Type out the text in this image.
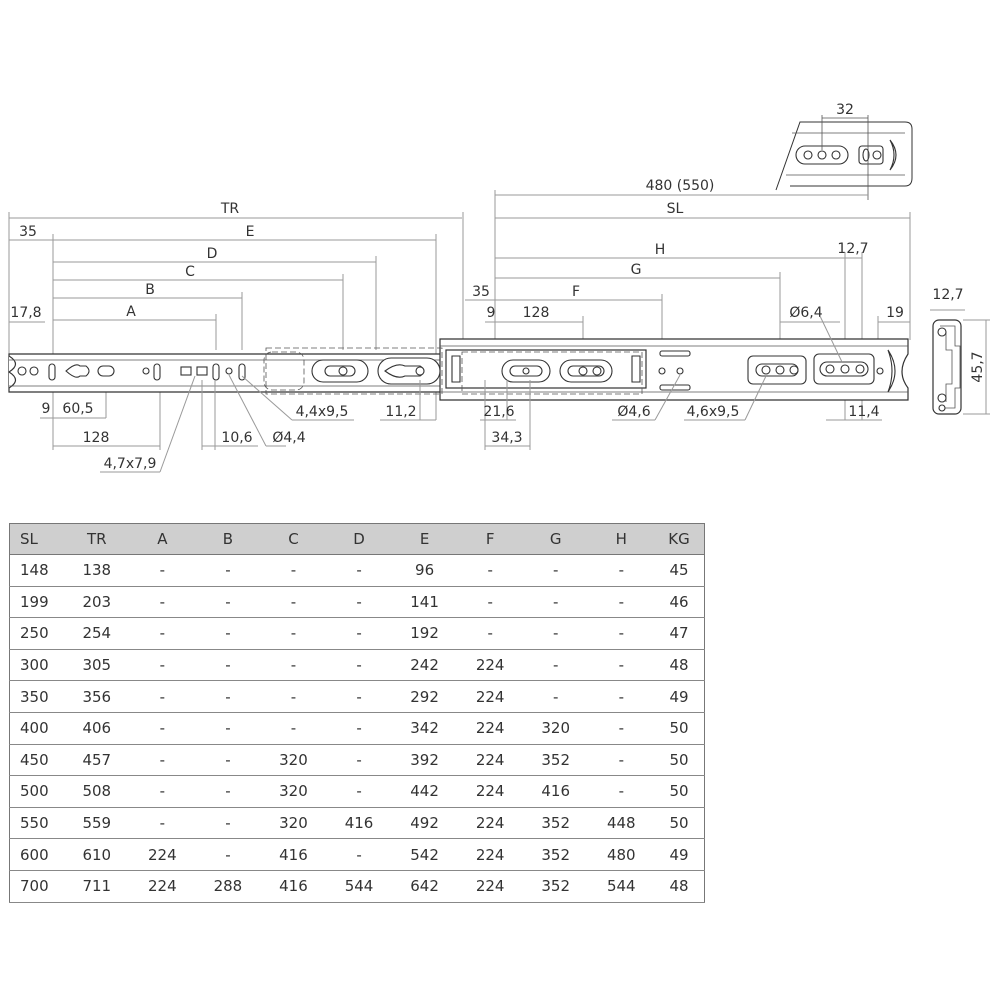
32
480 (550)
TR	SL
35	E
D
C
B
A
17,8
H	12,7
G
35	F
9 128	Ø6,4	19
12,7
45,7
9 60,5
128	10,6 Ø4,4
4,4x9,5
4,7x7,9
11,2	21,6
34,3
Ø4,6	4,6x9,5	11,4
SL	TR	A	B	C	D	E	F	G	H	KG
148	138	-	-	-	-	96	-	-	-	45
199	203	-	-	-	-	141	-	-	-	46
250	254	-	-	-	-	192	-	-	-	47
300	305	-	-	-	-	242	224	-	-	48
350	356	-	-	-	-	292	224	-	-	49
400	406	-	-	-	-	342	224	320	-	50
450	457	-	-	320	-	392	224	352	-	50
500	508	-	-	320	-	442	224	416	-	50
550	559	-	-	320	416	492	224	352	448	50
600	610	224	-	416	-	542	224	352	480	49
700	711	224	288	416	544	642	224	352	544	48
